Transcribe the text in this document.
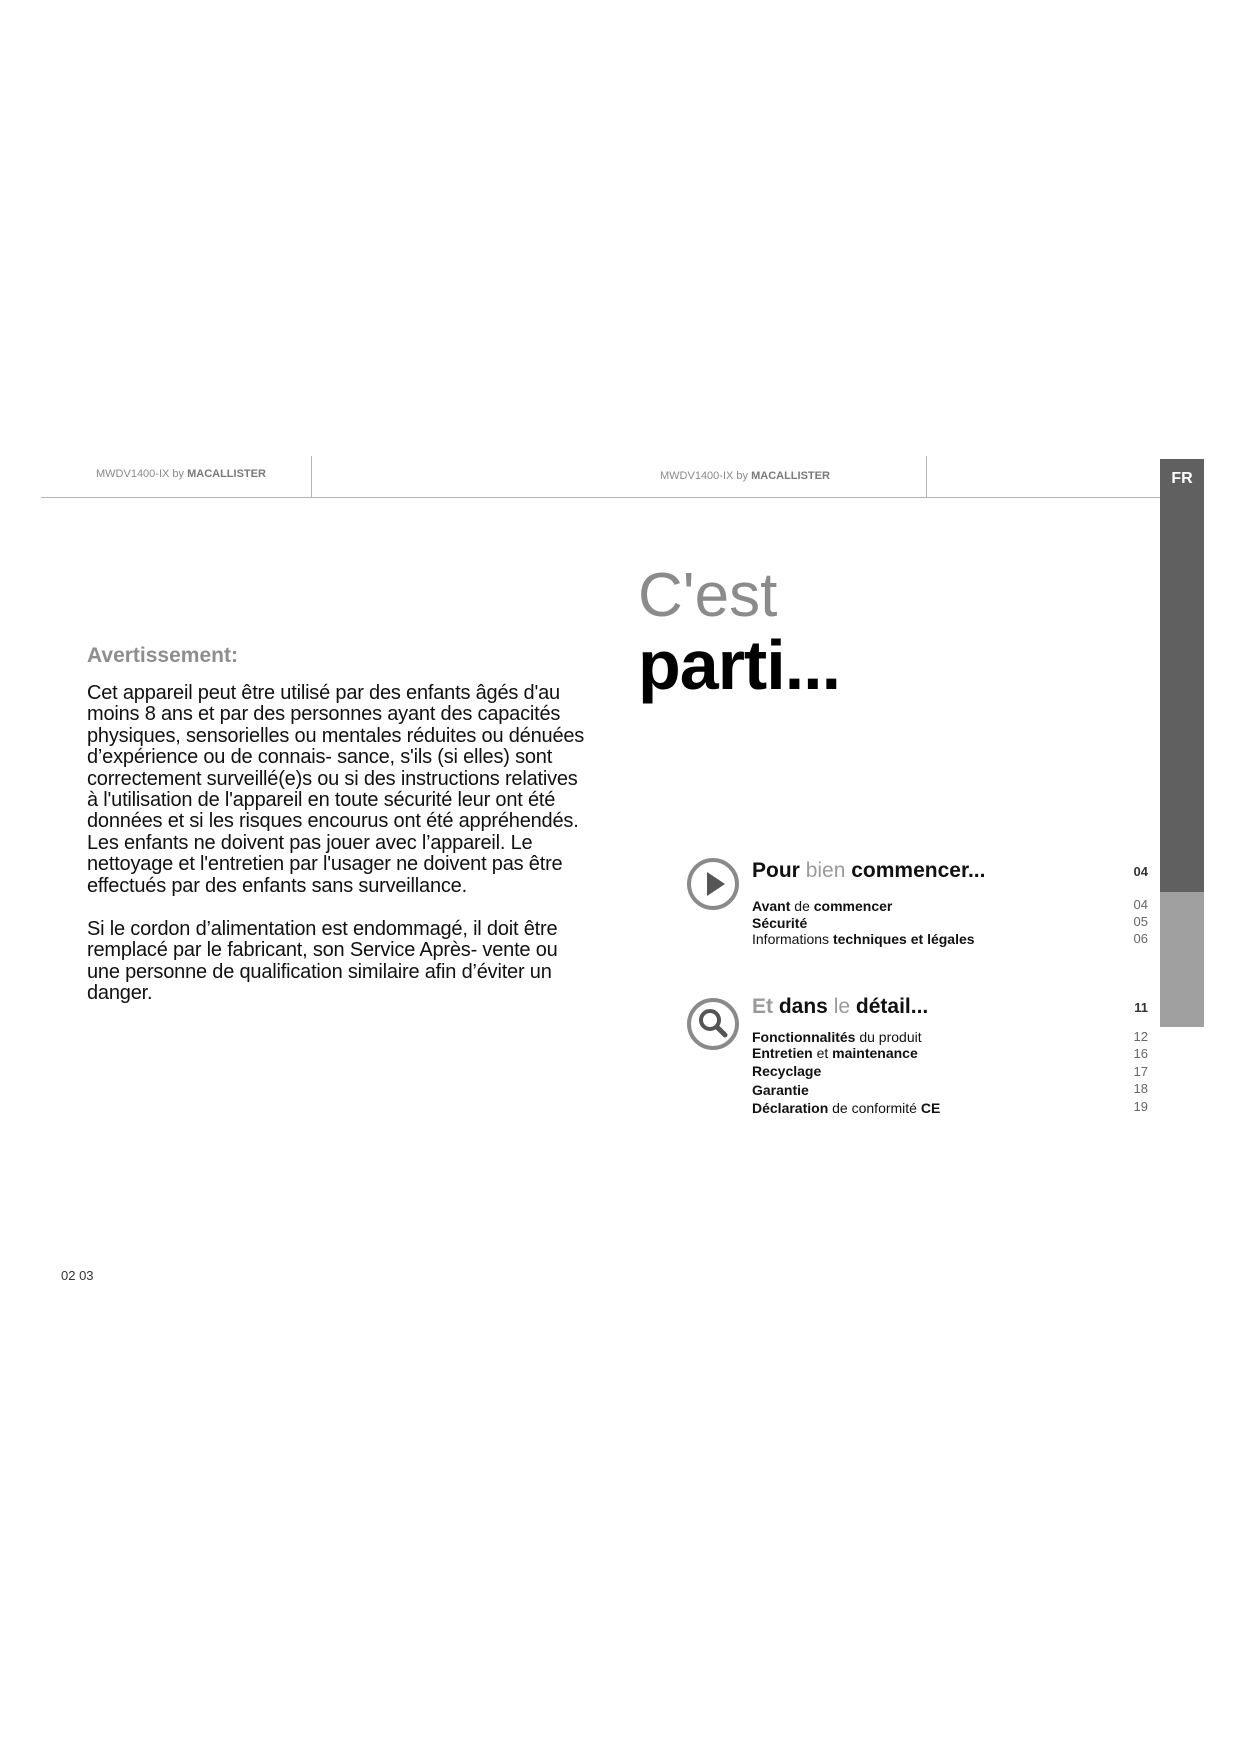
MWDV1400-IX by MACALLISTER	MWDV1400-IX by MACALLISTER	FR
Avertissement:
Cet appareil peut être utilisé par des enfants âgés d'au moins 8 ans et par des personnes ayant des capacités physiques, sensorielles ou mentales réduites ou dénuées d’expérience ou de connais- sance, s'ils (si elles) sont correctement surveillé(e)s ou si des instructions relatives à l'utilisation de l'appareil en toute sécurité leur ont été données et si les risques encourus ont été appréhendés. Les enfants ne doivent pas jouer avec l’appareil. Le nettoyage et l'entretien par l'usager ne doivent pas être effectués par des enfants sans surveillance.
Si le cordon d’alimentation est endommagé, il doit être remplacé par le fabricant, son Service Après- vente ou une personne de qualification similaire afin d’éviter un danger.
C'est
parti...
Pour bien commencer...	04
Avant de commencer	04
Sécurité	05
Informations techniques et légales	06
Et dans le détail...	11
Fonctionnalités du produit	12
Entretien et maintenance	16
Recyclage	17
Garantie	18
Déclaration de conformité CE	19
02 03
